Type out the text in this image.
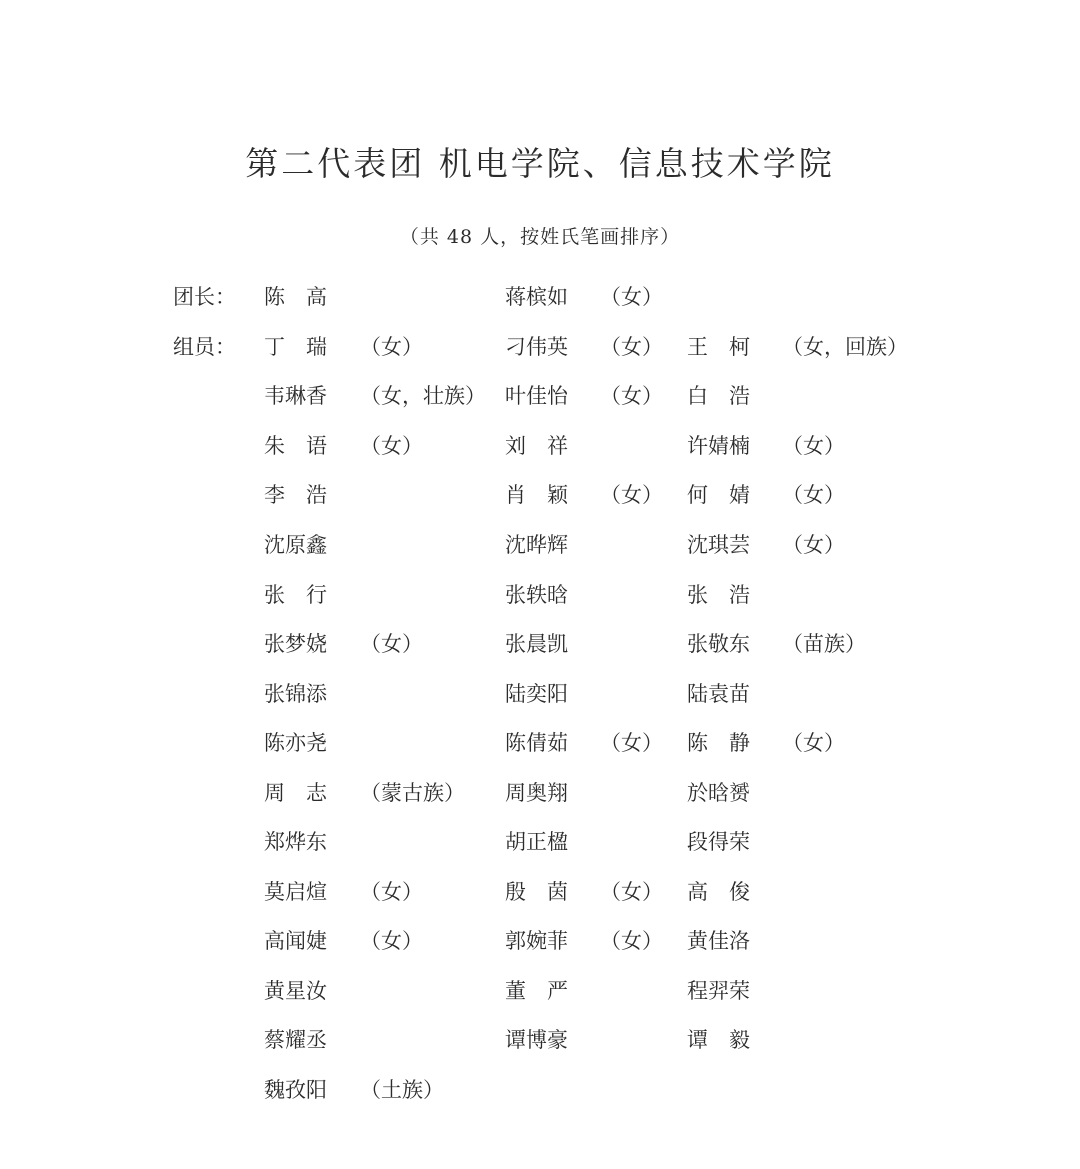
第二代表团 机电学院、信息技术学院
（共 48 人，按姓氏笔画排序）
团长： 陈　高	蒋槟如 （女）
组员： 丁　瑞 （女）	刁伟英 （女） 王　柯 （女，回族）
韦琳香 （女，壮族） 叶佳怡 （女） 白　浩
朱　语 （女）	刘　祥	许婧楠 （女）
李　浩	肖　颖 （女） 何　婧 （女）
沈原鑫	沈晔辉	沈琪芸 （女）
张　行	张轶晗	张　浩
张梦娆 （女）	张晨凯	张敬东 （苗族）
张锦添	陆奕阳	陆袁苗
陈亦尧	陈倩茹 （女） 陈　静 （女）
周　志 （蒙古族） 周奥翔	於晗赟
郑烨东	胡正楹	段得荣
莫启煊 （女）	殷　茵 （女） 高　俊
高闻婕 （女）	郭婉菲 （女） 黄佳洛
黄星汝	董　严	程羿荣
蔡耀丞	谭博豪	谭　毅
魏孜阳 （土族）
